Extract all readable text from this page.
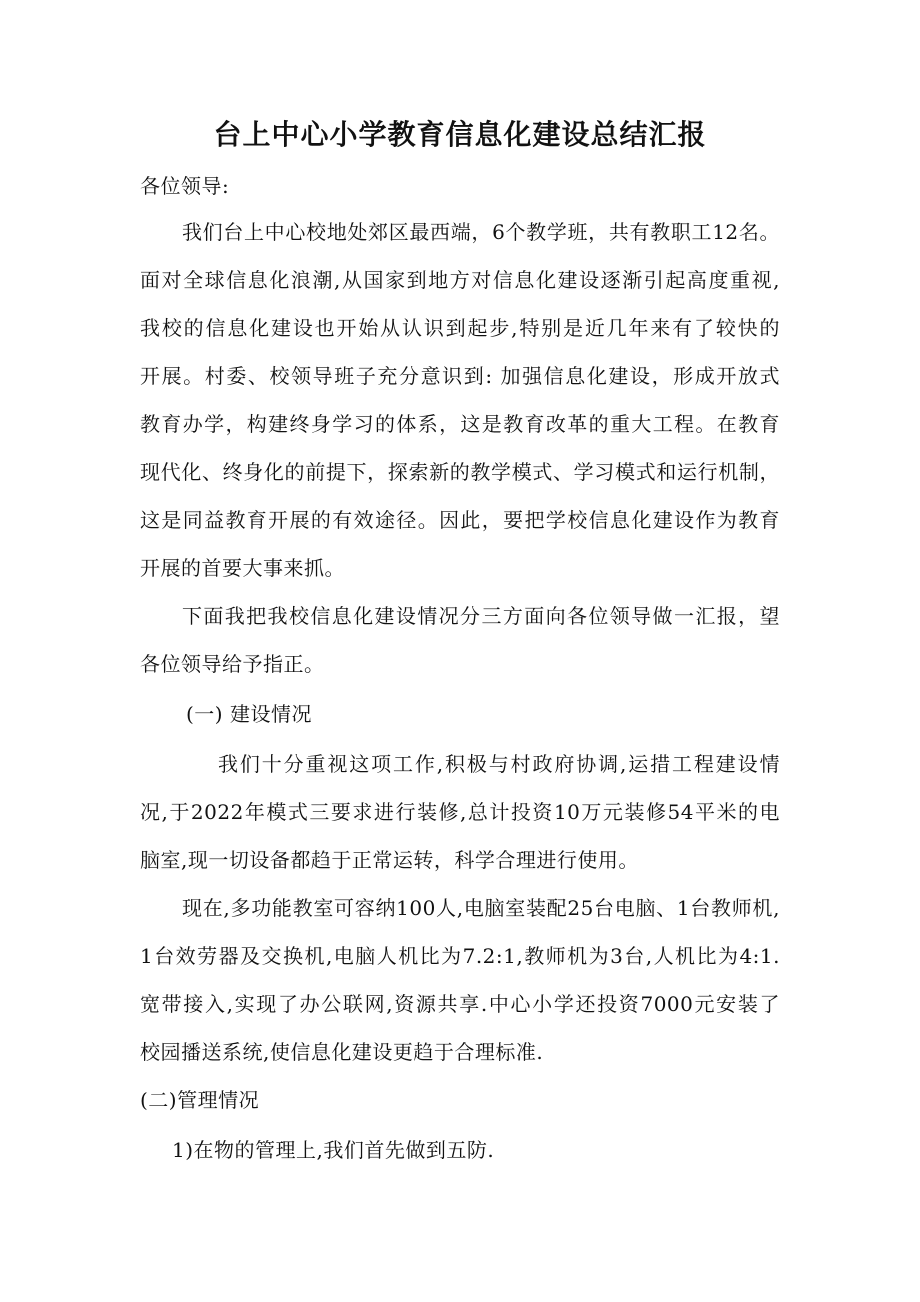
台上中心小学教育信息化建设总结汇报
各位领导:
我们台上中心校地处郊区最西端，6个教学班，共有教职工12名。
面对全球信息化浪潮,从国家到地方对信息化建设逐渐引起高度重视,
我校的信息化建设也开始从认识到起步,特别是近几年来有了较快的
开展。村委、校领导班子充分意识到: 加强信息化建设，形成开放式
教育办学，构建终身学习的体系，这是教育改革的重大工程。在教育
现代化、终身化的前提下，探索新的教学模式、学习模式和运行机制，
这是同益教育开展的有效途径。因此，要把学校信息化建设作为教育
开展的首要大事来抓。
下面我把我校信息化建设情况分三方面向各位领导做一汇报，望
各位领导给予指正。
(一) 建设情况
我们十分重视这项工作,积极与村政府协调,运措工程建设情
况,于2022年模式三要求进行装修,总计投资10万元装修54平米的电
脑室,现一切设备都趋于正常运转，科学合理进行使用。
现在,多功能教室可容纳100人,电脑室装配25台电脑、1台教师机,
1台效劳器及交换机,电脑人机比为7.2:1,教师机为3台,人机比为4:1.
宽带接入,实现了办公联网,资源共享.中心小学还投资7000元安装了
校园播送系统,使信息化建设更趋于合理标准.
(二)管理情况
1)在物的管理上,我们首先做到五防.
